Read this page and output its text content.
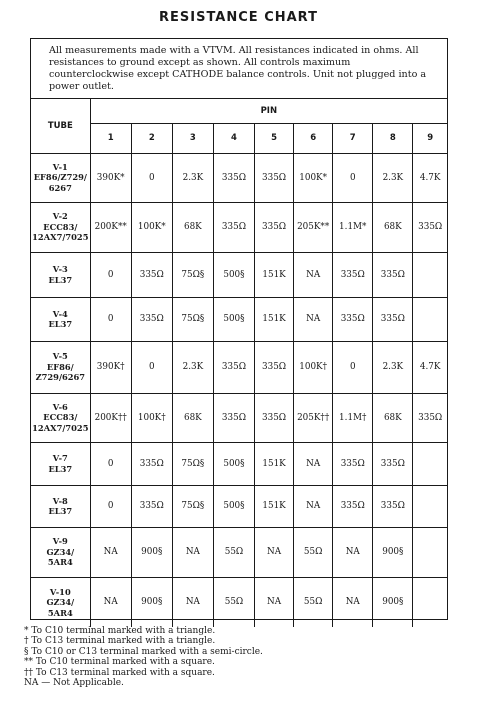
RESISTANCE CHART
All measurements made with a VTVM. All resistances indicated in ohms. All resistances to ground except as shown. All controls maximum counterclockwise except CATHODE balance controls. Unit not plugged into a power outlet.
TUBE	PIN								
	1	2	3	4	5	6	7	8	9

V-1
EF86/Z729/
6267	390K*	0	2.3K	335Ω	335Ω	100K*	0	2.3K	4.7K

V-2
ECC83/
12AX7/7025	200K**	100K*	68K	335Ω	335Ω	205K**	1.1M*	68K	335Ω

V-3
EL37	0	335Ω	75Ω§	500§	151K	NA	335Ω	335Ω	

V-4
EL37	0	335Ω	75Ω§	500§	151K	NA	335Ω	335Ω	

V-5
EF86/
Z729/6267	390K†	0	2.3K	335Ω	335Ω	100K†	0	2.3K	4.7K

V-6
ECC83/
12AX7/7025	200K††	100K†	68K	335Ω	335Ω	205K††	1.1M†	68K	335Ω

V-7
EL37	0	335Ω	75Ω§	500§	151K	NA	335Ω	335Ω	

V-8
EL37	0	335Ω	75Ω§	500§	151K	NA	335Ω	335Ω	

V-9
GZ34/
5AR4	NA	900§	NA	55Ω	NA	55Ω	NA	900§	

V-10
GZ34/
5AR4	NA	900§	NA	55Ω	NA	55Ω	NA	900§	
* To C10 terminal marked with a triangle.
† To C13 terminal marked with a triangle.
§ To C10 or C13 terminal marked with a semi-circle.
** To C10 terminal marked with a square.
†† To C13 terminal marked with a square.
NA — Not Applicable.
